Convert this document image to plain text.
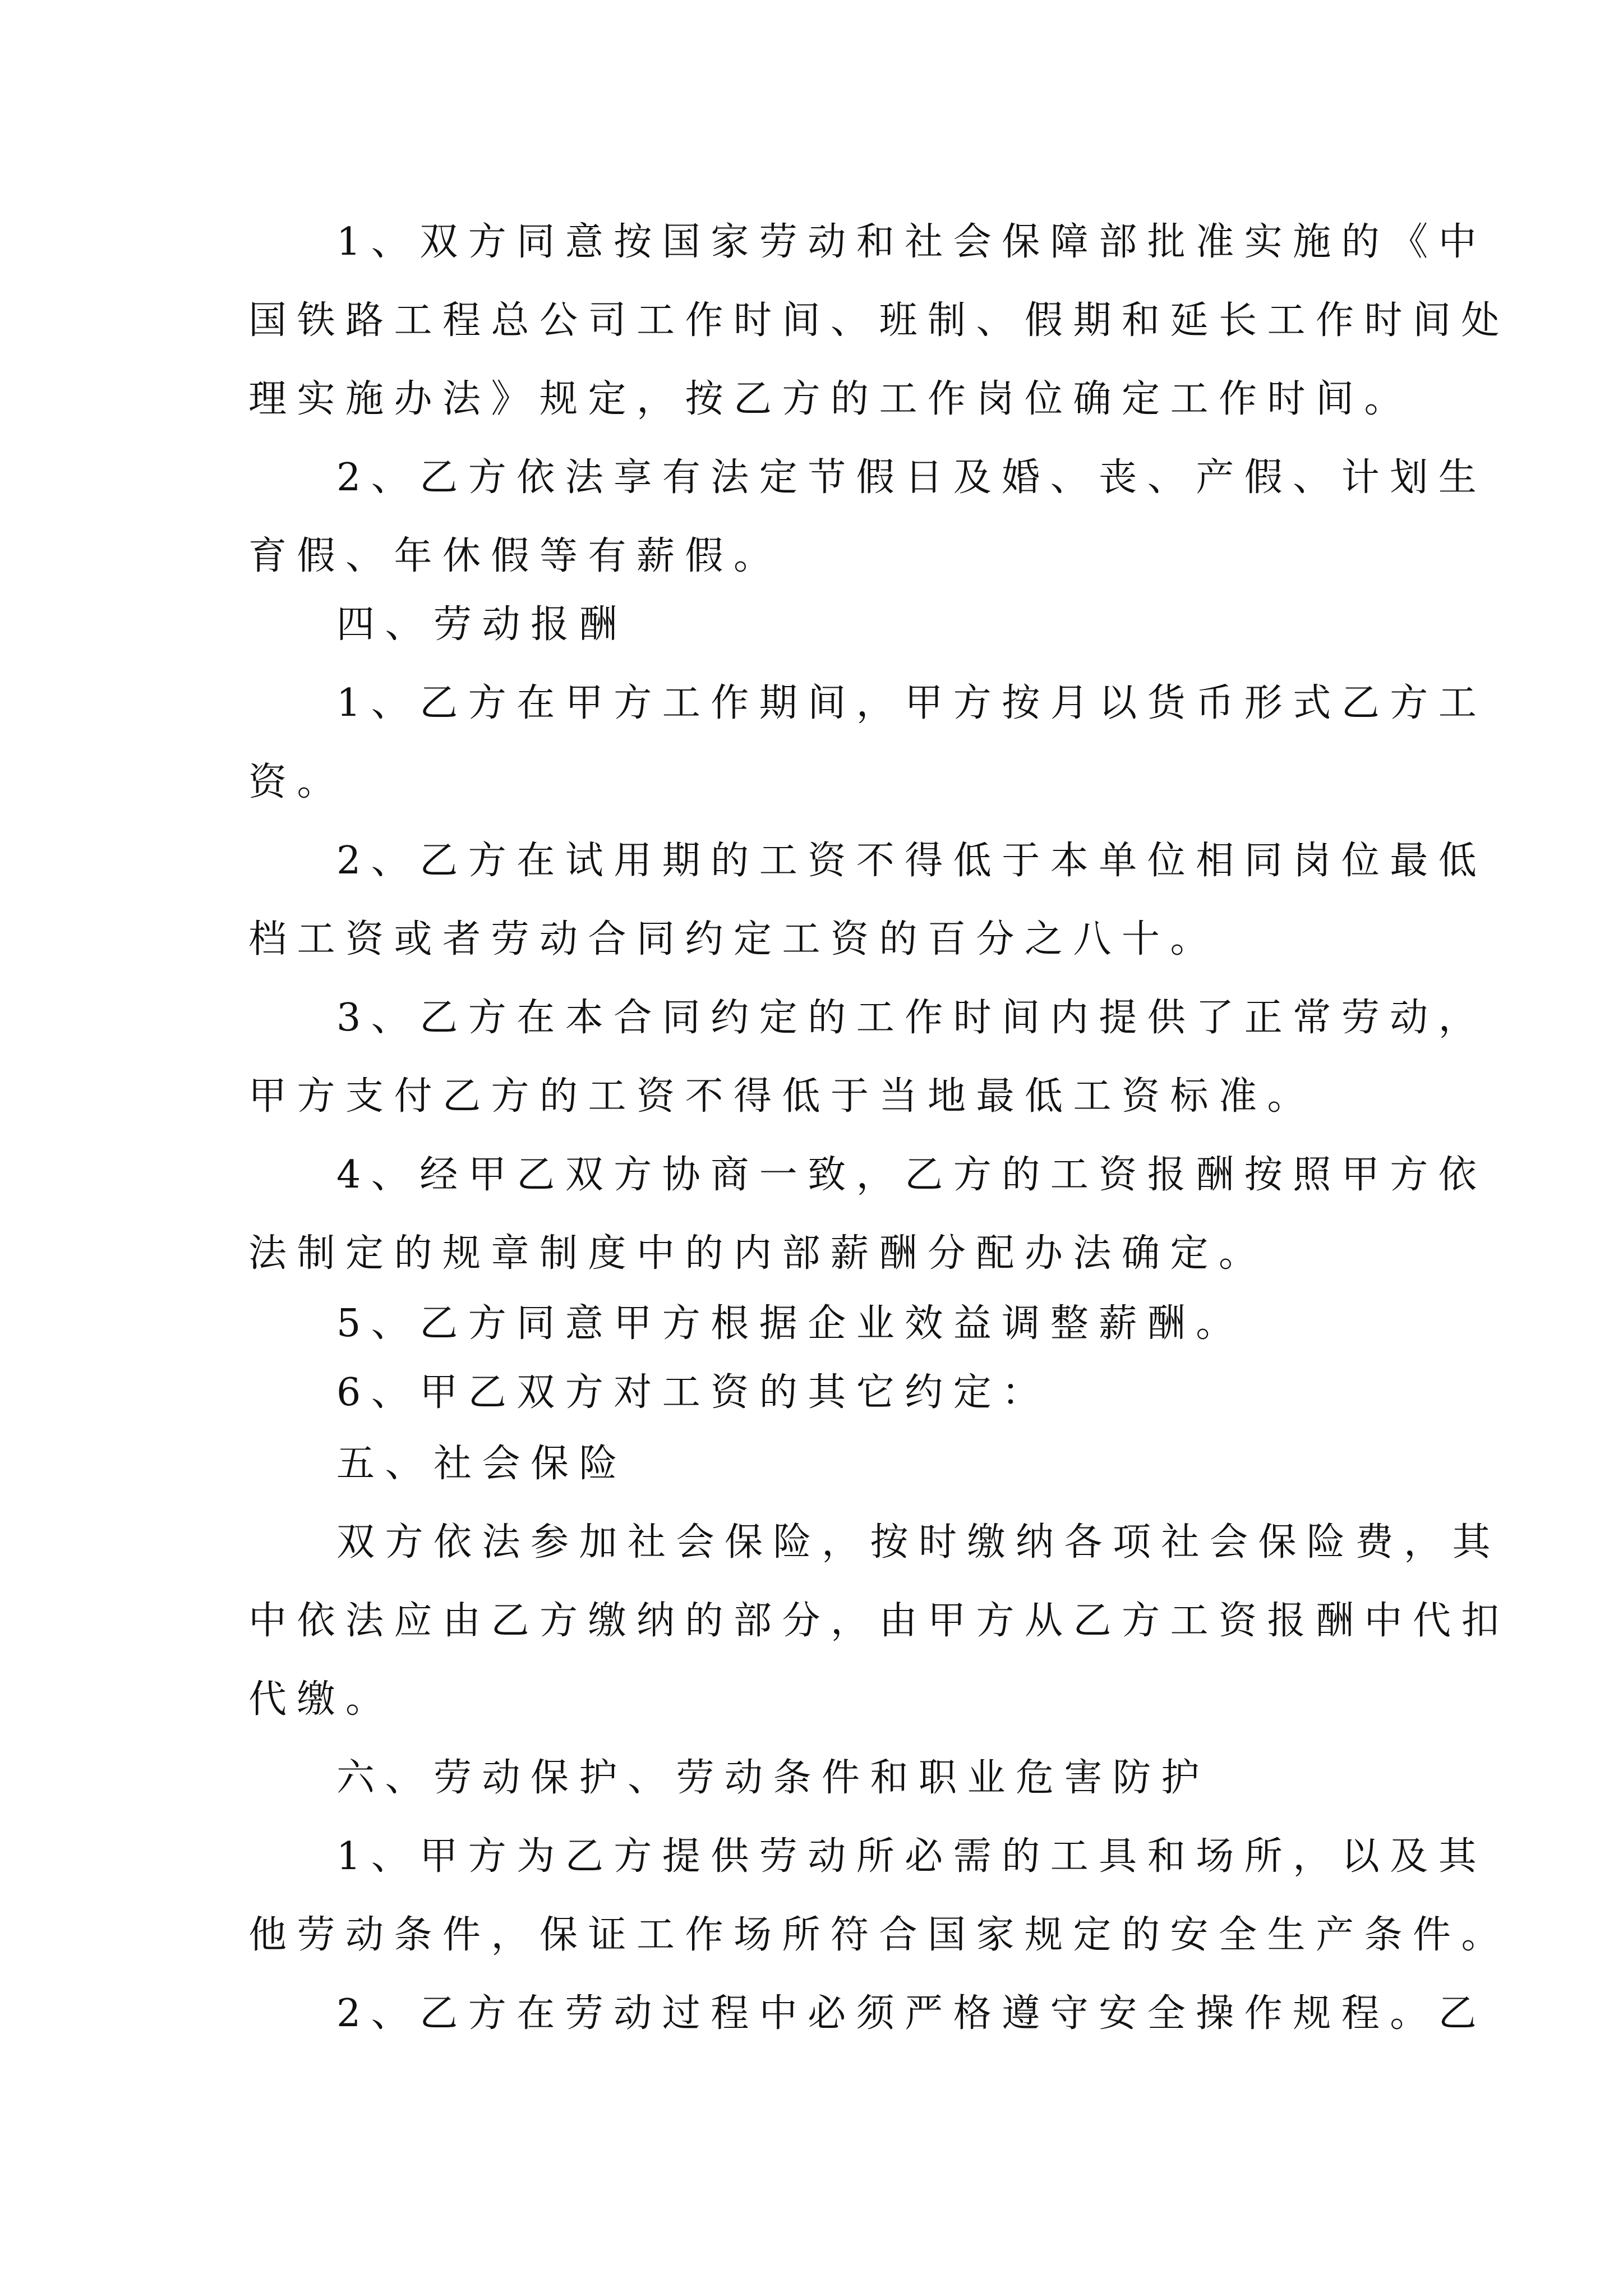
1、双方同意按国家劳动和社会保障部批准实施的《中
国铁路工程总公司工作时间、班制、假期和延长工作时间处
理实施办法》规定，按乙方的工作岗位确定工作时间。
2、乙方依法享有法定节假日及婚、丧、产假、计划生
育假、年休假等有薪假。
四、劳动报酬
1、乙方在甲方工作期间，甲方按月以货币形式乙方工
资。
2、乙方在试用期的工资不得低于本单位相同岗位最低
档工资或者劳动合同约定工资的百分之八十。
3、乙方在本合同约定的工作时间内提供了正常劳动，
甲方支付乙方的工资不得低于当地最低工资标准。
4、经甲乙双方协商一致，乙方的工资报酬按照甲方依
法制定的规章制度中的内部薪酬分配办法确定。
5、乙方同意甲方根据企业效益调整薪酬。
6、甲乙双方对工资的其它约定：
五、社会保险
双方依法参加社会保险，按时缴纳各项社会保险费，其
中依法应由乙方缴纳的部分，由甲方从乙方工资报酬中代扣
代缴。
六、劳动保护、劳动条件和职业危害防护
1、甲方为乙方提供劳动所必需的工具和场所，以及其
他劳动条件，保证工作场所符合国家规定的安全生产条件。
2、乙方在劳动过程中必须严格遵守安全操作规程。乙
